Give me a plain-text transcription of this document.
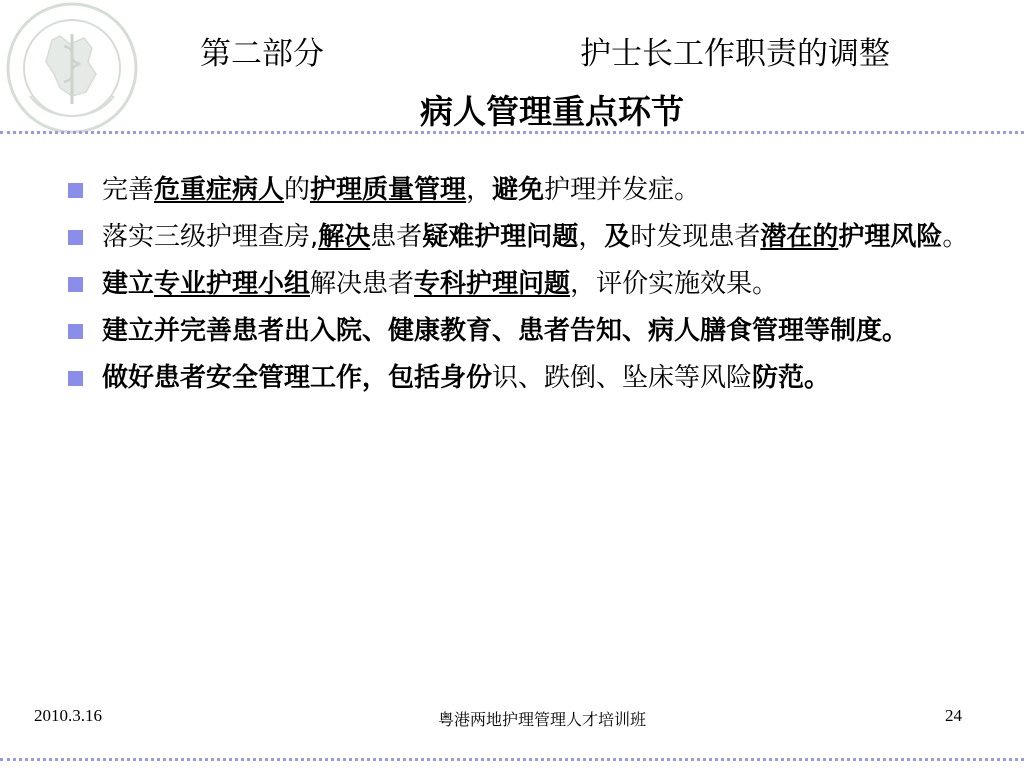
第二部分	护士长工作职责的调整
病人管理重点环节
完善危重症病人的护理质量管理，避免护理并发症。
落实三级护理查房,解决患者疑难护理问题，及时发现患者潜在的护理风险。
建立专业护理小组解决患者专科护理问题，评价实施效果。
建立并完善患者出入院、健康教育、患者告知、病人膳食管理等制度。
做好患者安全管理工作，包括身份识、跌倒、坠床等风险防范。
2010.3.16	粤港两地护理管理人才培训班	24
